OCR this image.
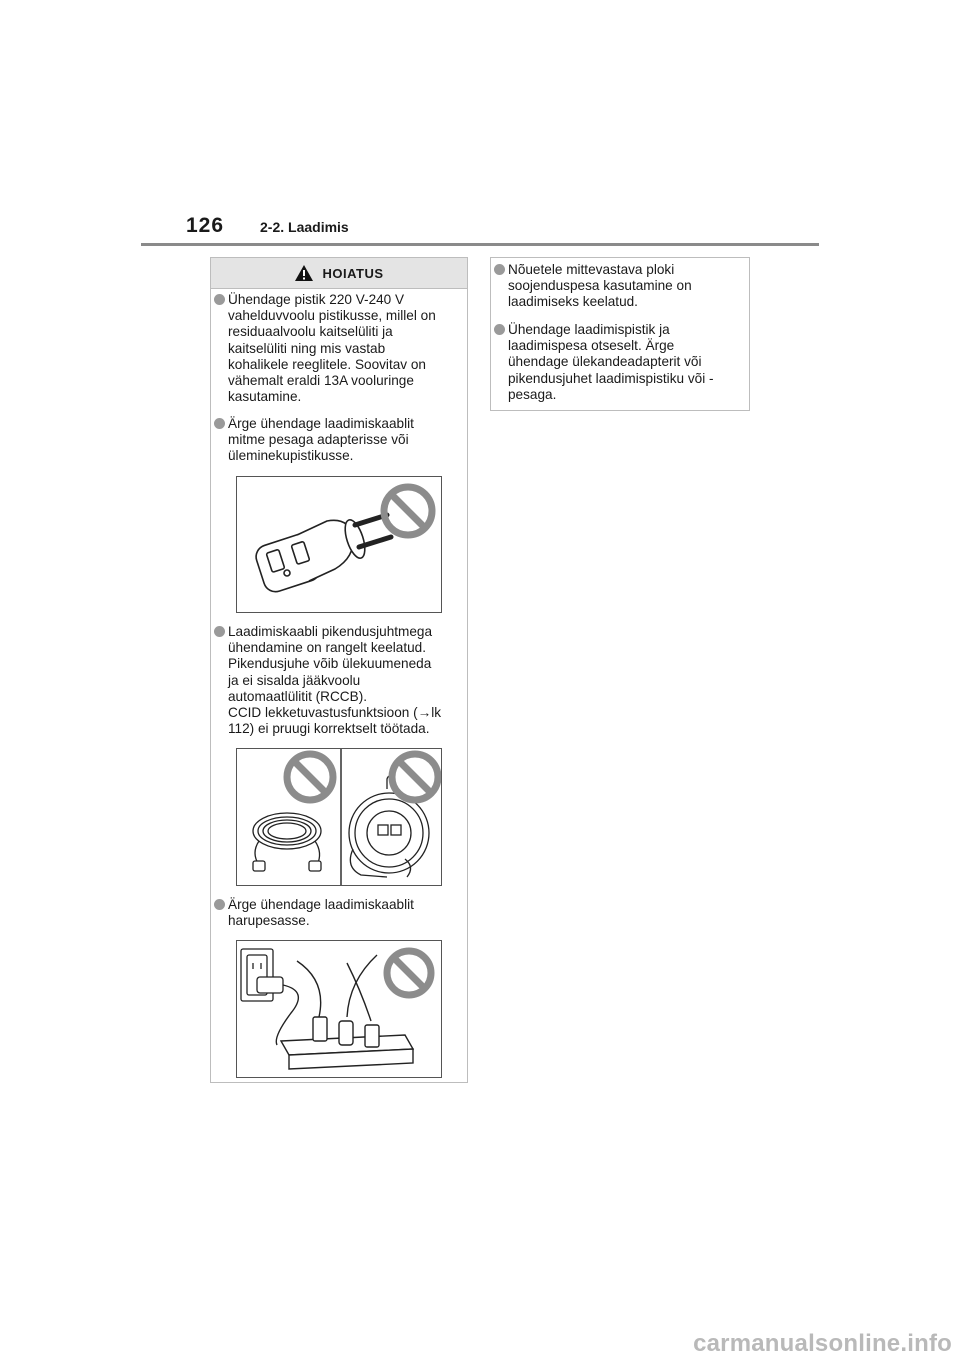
126	2-2. Laadimis
HOIATUS
Ühendage pistik 220 V-240 V
vahelduvvoolu pistikusse, millel on
residuaalvoolu kaitselüliti ja
kaitselüliti ning mis vastab
kohalikele reeglitele. Soovitav on
vähemalt eraldi 13A vooluringe
kasutamine.
Ärge ühendage laadimiskaablit
mitme pesaga adapterisse või
üleminekupistikusse.
Laadimiskaabli pikendusjuhtmega
ühendamine on rangelt keelatud.
Pikendusjuhe võib ülekuumeneda
ja ei sisalda jääkvoolu
automaatlülitit (RCCB).
CCID lekketuvastusfunktsioon (→lk
112) ei pruugi korrektselt töötada.
Ärge ühendage laadimiskaablit
harupesasse.
Nõuetele mittevastava ploki
soojenduspesa kasutamine on
laadimiseks keelatud.
Ühendage laadimispistik ja
laadimispesa otseselt. Ärge
ühendage ülekandeadapterit või
pikendusjuhet laadimispistiku või -
pesaga.
carmanualsonline.info
